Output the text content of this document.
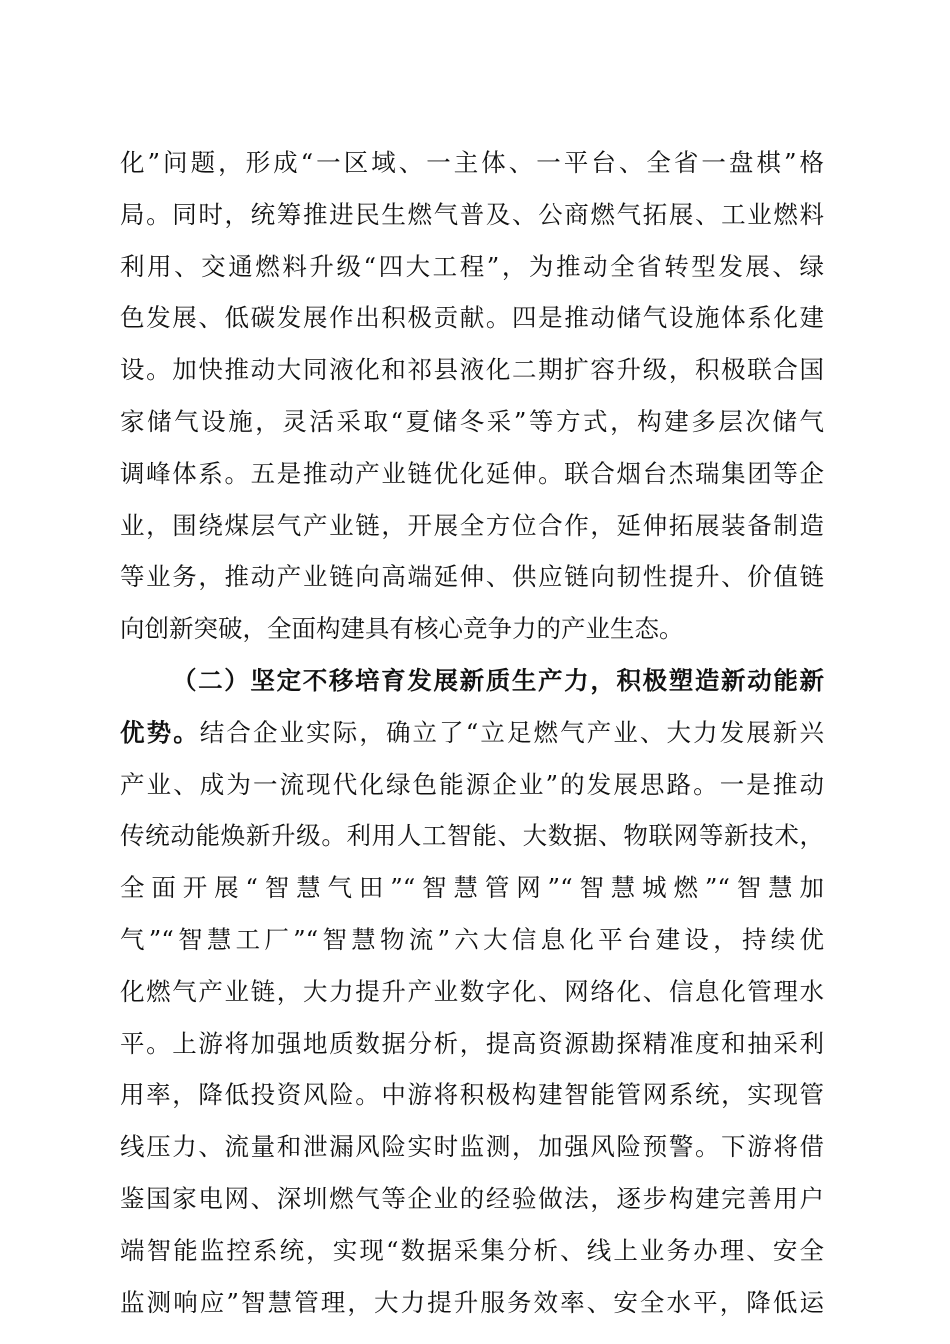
化”问题，形成“一区域、一主体、一平台、全省一盘棋”格
局。同时，统筹推进民生燃气普及、公商燃气拓展、工业燃料
利用、交通燃料升级“四大工程”，为推动全省转型发展、绿
色发展、低碳发展作出积极贡献。四是推动储气设施体系化建
设。加快推动大同液化和祁县液化二期扩容升级，积极联合国
家储气设施，灵活采取“夏储冬采”等方式，构建多层次储气
调峰体系。五是推动产业链优化延伸。联合烟台杰瑞集团等企
业，围绕煤层气产业链，开展全方位合作，延伸拓展装备制造
等业务，推动产业链向高端延伸、供应链向韧性提升、价值链
向创新突破，全面构建具有核心竞争力的产业生态。
（二）坚定不移培育发展新质生产力，积极塑造新动能新
优势。结合企业实际，确立了“立足燃气产业、大力发展新兴
产业、成为一流现代化绿色能源企业”的发展思路。一是推动
传统动能焕新升级。利用人工智能、大数据、物联网等新技术，
全面开展“智慧气田”“智慧管网”“智慧城燃”“智慧加
气”“智慧工厂”“智慧物流”六大信息化平台建设，持续优
化燃气产业链，大力提升产业数字化、网络化、信息化管理水
平。上游将加强地质数据分析，提高资源勘探精准度和抽采利
用率，降低投资风险。中游将积极构建智能管网系统，实现管
线压力、流量和泄漏风险实时监测，加强风险预警。下游将借
鉴国家电网、深圳燃气等企业的经验做法，逐步构建完善用户
端智能监控系统，实现“数据采集分析、线上业务办理、安全
监测响应”智慧管理，大力提升服务效率、安全水平，降低运
